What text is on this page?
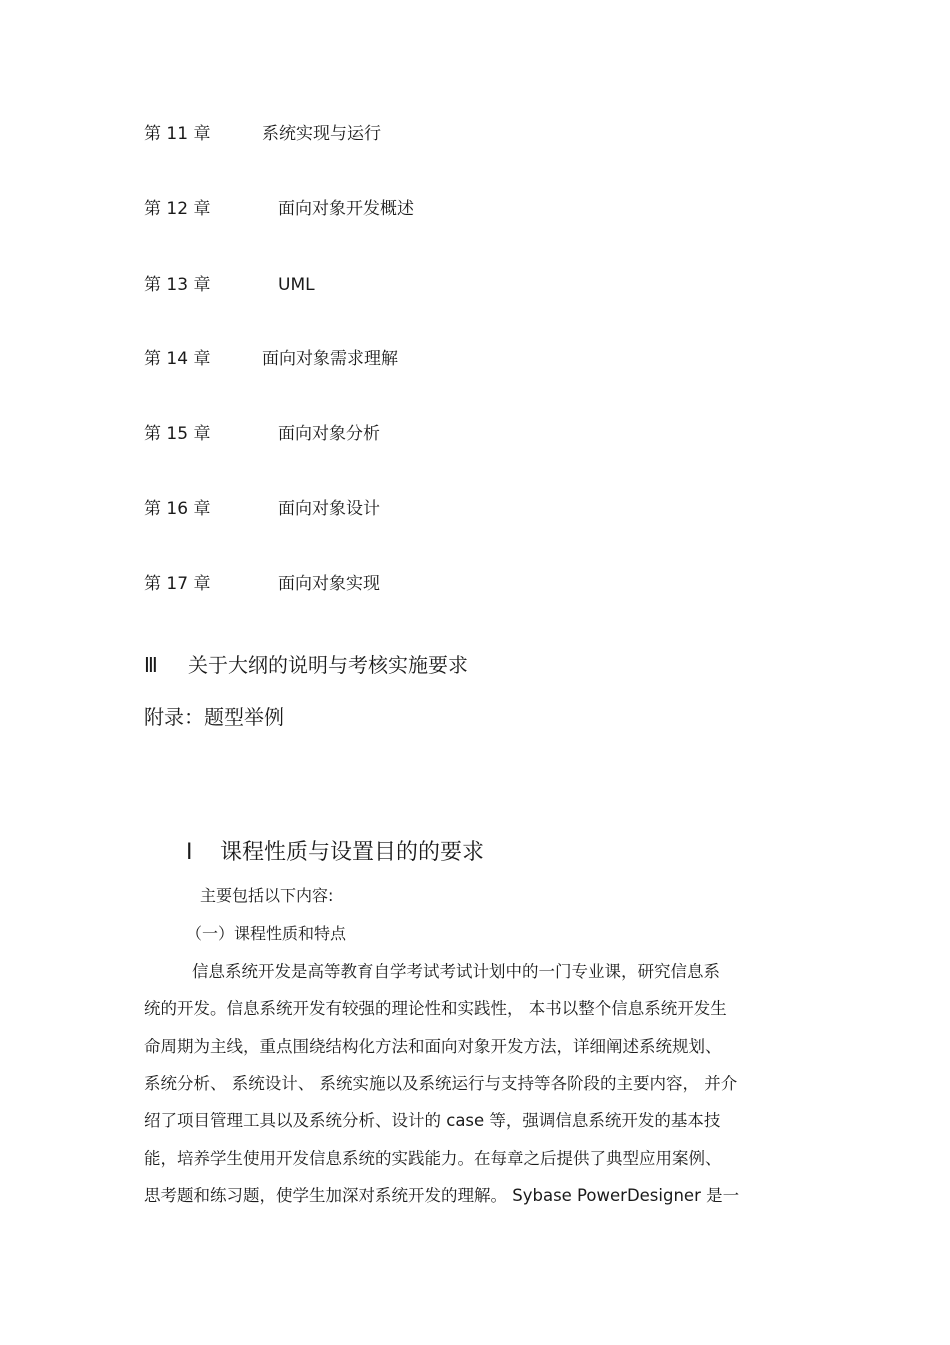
第 11 章	系统实现与运行
第 12 章	面向对象开发概述
第 13 章	UML
第 14 章	面向对象需求理解
第 15 章	面向对象分析
第 16 章	面向对象设计
第 17 章	面向对象实现
Ⅲ 关于大纲的说明与考核实施要求
附录：题型举例
Ⅰ 课程性质与设置目的的要求
主要包括以下内容:
（一）课程性质和特点
信息系统开发是高等教育自学考试考试计划中的一门专业课，研究信息系
统的开发。信息系统开发有较强的理论性和实践性， 本书以整个信息系统开发生
命周期为主线，重点围绕结构化方法和面向对象开发方法，详细阐述系统规划、
系统分析、 系统设计、 系统实施以及系统运行与支持等各阶段的主要内容， 并介
绍了项目管理工具以及系统分析、设计的 case 等，强调信息系统开发的基本技
能，培养学生使用开发信息系统的实践能力。在每章之后提供了典型应用案例、
思考题和练习题，使学生加深对系统开发的理解。 Sybase PowerDesigner 是一
